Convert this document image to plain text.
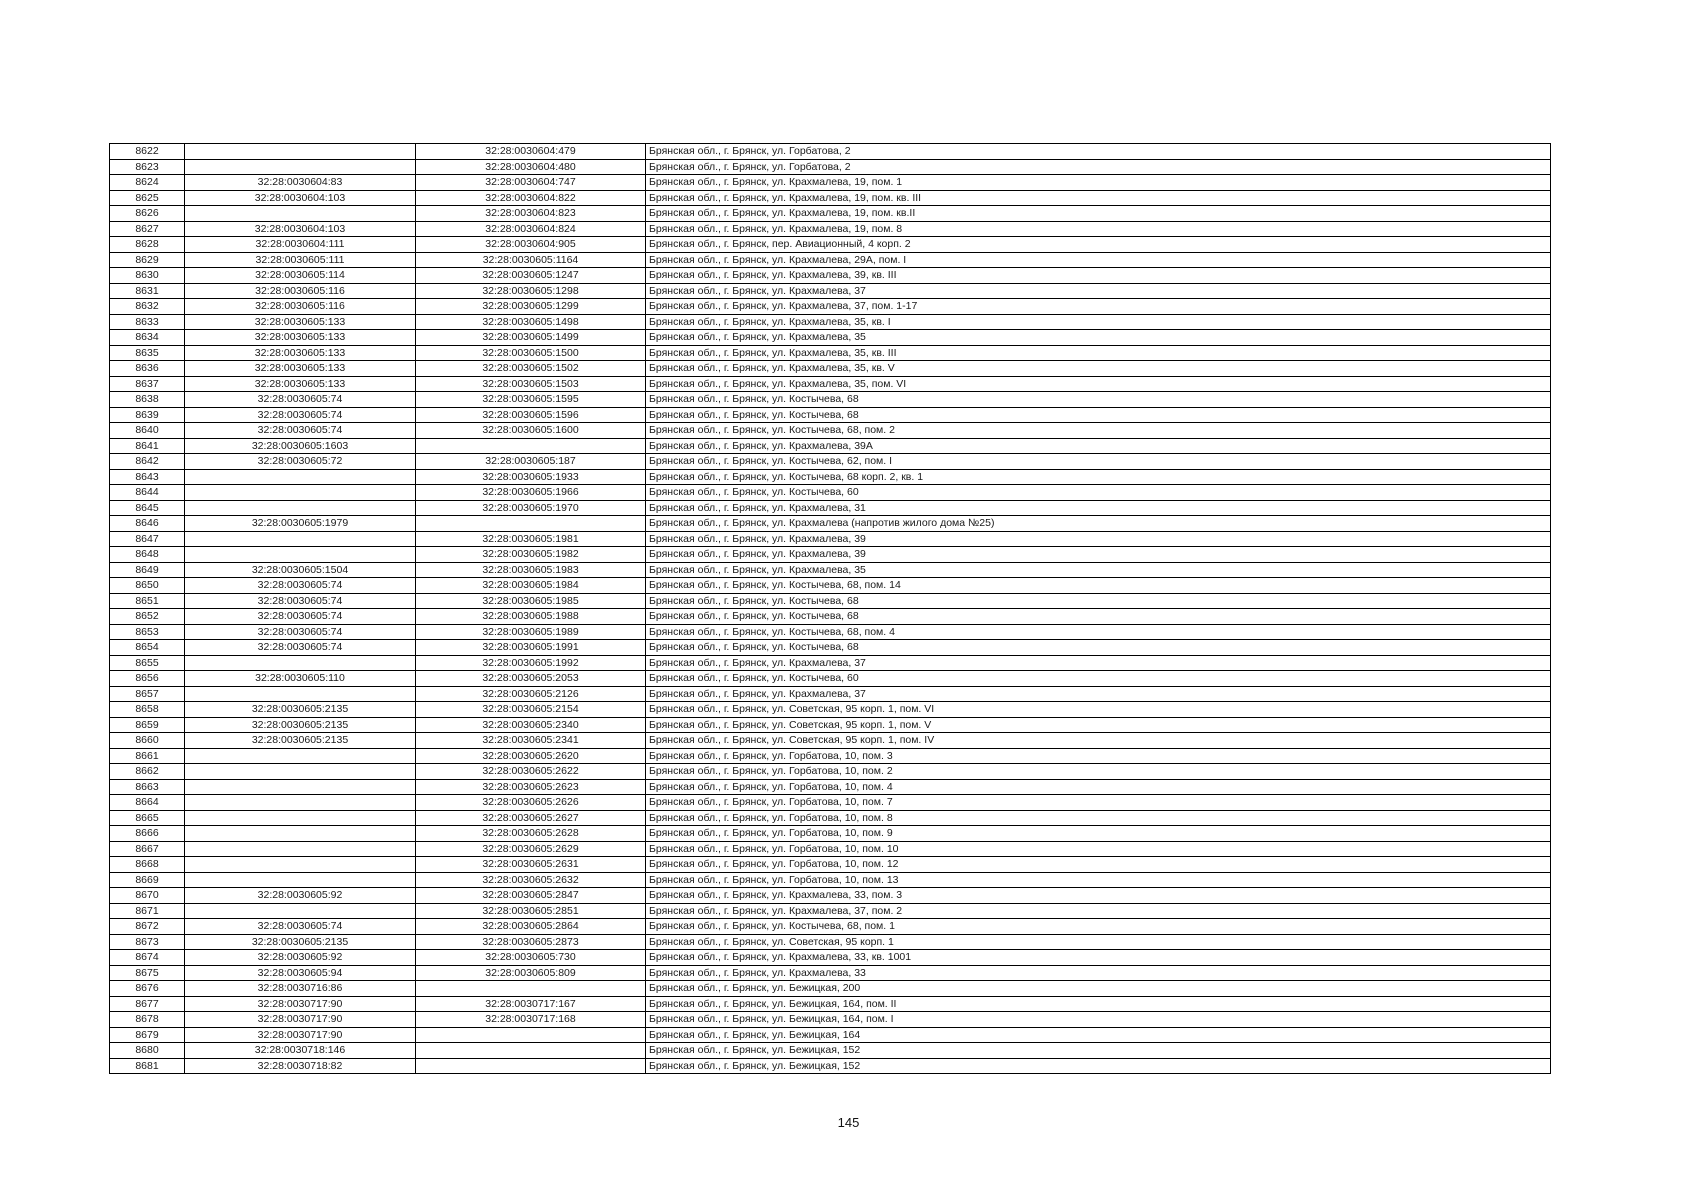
8622		32:28:0030604:479	Брянская обл., г. Брянск, ул. Горбатова, 2
8623		32:28:0030604:480	Брянская обл., г. Брянск, ул. Горбатова, 2
8624	32:28:0030604:83	32:28:0030604:747	Брянская обл., г. Брянск, ул. Крахмалева, 19, пом. 1
8625	32:28:0030604:103	32:28:0030604:822	Брянская обл., г. Брянск, ул. Крахмалева, 19, пом. кв. III
8626		32:28:0030604:823	Брянская обл., г. Брянск, ул. Крахмалева, 19, пом. кв.II
8627	32:28:0030604:103	32:28:0030604:824	Брянская обл., г. Брянск, ул. Крахмалева, 19, пом. 8
8628	32:28:0030604:111	32:28:0030604:905	Брянская обл., г. Брянск, пер. Авиационный, 4 корп. 2
8629	32:28:0030605:111	32:28:0030605:1164	Брянская обл., г. Брянск, ул. Крахмалева, 29А, пом. I
8630	32:28:0030605:114	32:28:0030605:1247	Брянская обл., г. Брянск, ул. Крахмалева, 39, кв. III
8631	32:28:0030605:116	32:28:0030605:1298	Брянская обл., г. Брянск, ул. Крахмалева, 37
8632	32:28:0030605:116	32:28:0030605:1299	Брянская обл., г. Брянск, ул. Крахмалева, 37, пом. 1-17
8633	32:28:0030605:133	32:28:0030605:1498	Брянская обл., г. Брянск, ул. Крахмалева, 35, кв. I
8634	32:28:0030605:133	32:28:0030605:1499	Брянская обл., г. Брянск, ул. Крахмалева, 35
8635	32:28:0030605:133	32:28:0030605:1500	Брянская обл., г. Брянск, ул. Крахмалева, 35, кв. III
8636	32:28:0030605:133	32:28:0030605:1502	Брянская обл., г. Брянск, ул. Крахмалева, 35, кв. V
8637	32:28:0030605:133	32:28:0030605:1503	Брянская обл., г. Брянск, ул. Крахмалева, 35, пом. VI
8638	32:28:0030605:74	32:28:0030605:1595	Брянская обл., г. Брянск, ул. Костычева, 68
8639	32:28:0030605:74	32:28:0030605:1596	Брянская обл., г. Брянск, ул. Костычева, 68
8640	32:28:0030605:74	32:28:0030605:1600	Брянская обл., г. Брянск, ул. Костычева, 68, пом. 2
8641	32:28:0030605:1603		Брянская обл., г. Брянск, ул. Крахмалева, 39А
8642	32:28:0030605:72	32:28:0030605:187	Брянская обл., г. Брянск, ул. Костычева, 62, пом. I
8643		32:28:0030605:1933	Брянская обл., г. Брянск, ул. Костычева, 68 корп. 2, кв. 1
8644		32:28:0030605:1966	Брянская обл., г. Брянск, ул. Костычева, 60
8645		32:28:0030605:1970	Брянская обл., г. Брянск, ул. Крахмалева, 31
8646	32:28:0030605:1979		Брянская обл., г. Брянск, ул. Крахмалева (напротив жилого дома №25)
8647		32:28:0030605:1981	Брянская обл., г. Брянск, ул. Крахмалева, 39
8648		32:28:0030605:1982	Брянская обл., г. Брянск, ул. Крахмалева, 39
8649	32:28:0030605:1504	32:28:0030605:1983	Брянская обл., г. Брянск, ул. Крахмалева, 35
8650	32:28:0030605:74	32:28:0030605:1984	Брянская обл., г. Брянск, ул. Костычева, 68, пом. 14
8651	32:28:0030605:74	32:28:0030605:1985	Брянская обл., г. Брянск, ул. Костычева, 68
8652	32:28:0030605:74	32:28:0030605:1988	Брянская обл., г. Брянск, ул. Костычева, 68
8653	32:28:0030605:74	32:28:0030605:1989	Брянская обл., г. Брянск, ул. Костычева, 68, пом. 4
8654	32:28:0030605:74	32:28:0030605:1991	Брянская обл., г. Брянск, ул. Костычева, 68
8655		32:28:0030605:1992	Брянская обл., г. Брянск, ул. Крахмалева, 37
8656	32:28:0030605:110	32:28:0030605:2053	Брянская обл., г. Брянск, ул. Костычева, 60
8657		32:28:0030605:2126	Брянская обл., г. Брянск, ул. Крахмалева, 37
8658	32:28:0030605:2135	32:28:0030605:2154	Брянская обл., г. Брянск, ул. Советская, 95 корп. 1, пом. VI
8659	32:28:0030605:2135	32:28:0030605:2340	Брянская обл., г. Брянск, ул. Советская, 95 корп. 1, пом. V
8660	32:28:0030605:2135	32:28:0030605:2341	Брянская обл., г. Брянск, ул. Советская, 95 корп. 1, пом. IV
8661		32:28:0030605:2620	Брянская обл., г. Брянск, ул. Горбатова, 10, пом. 3
8662		32:28:0030605:2622	Брянская обл., г. Брянск, ул. Горбатова, 10, пом. 2
8663		32:28:0030605:2623	Брянская обл., г. Брянск, ул. Горбатова, 10, пом. 4
8664		32:28:0030605:2626	Брянская обл., г. Брянск, ул. Горбатова, 10, пом. 7
8665		32:28:0030605:2627	Брянская обл., г. Брянск, ул. Горбатова, 10, пом. 8
8666		32:28:0030605:2628	Брянская обл., г. Брянск, ул. Горбатова, 10, пом. 9
8667		32:28:0030605:2629	Брянская обл., г. Брянск, ул. Горбатова, 10, пом. 10
8668		32:28:0030605:2631	Брянская обл., г. Брянск, ул. Горбатова, 10, пом. 12
8669		32:28:0030605:2632	Брянская обл., г. Брянск, ул. Горбатова, 10, пом. 13
8670	32:28:0030605:92	32:28:0030605:2847	Брянская обл., г. Брянск, ул. Крахмалева, 33, пом. 3
8671		32:28:0030605:2851	Брянская обл., г. Брянск, ул. Крахмалева, 37, пом. 2
8672	32:28:0030605:74	32:28:0030605:2864	Брянская обл., г. Брянск, ул. Костычева, 68, пом. 1
8673	32:28:0030605:2135	32:28:0030605:2873	Брянская обл., г. Брянск, ул. Советская, 95 корп. 1
8674	32:28:0030605:92	32:28:0030605:730	Брянская обл., г. Брянск, ул. Крахмалева, 33, кв. 1001
8675	32:28:0030605:94	32:28:0030605:809	Брянская обл., г. Брянск, ул. Крахмалева, 33
8676	32:28:0030716:86		Брянская обл., г. Брянск, ул. Бежицкая, 200
8677	32:28:0030717:90	32:28:0030717:167	Брянская обл., г. Брянск, ул. Бежицкая, 164, пом. II
8678	32:28:0030717:90	32:28:0030717:168	Брянская обл., г. Брянск, ул. Бежицкая, 164, пом. I
8679	32:28:0030717:90		Брянская обл., г. Брянск, ул. Бежицкая, 164
8680	32:28:0030718:146		Брянская обл., г. Брянск, ул. Бежицкая, 152
8681	32:28:0030718:82		Брянская обл., г. Брянск, ул. Бежицкая, 152
145
